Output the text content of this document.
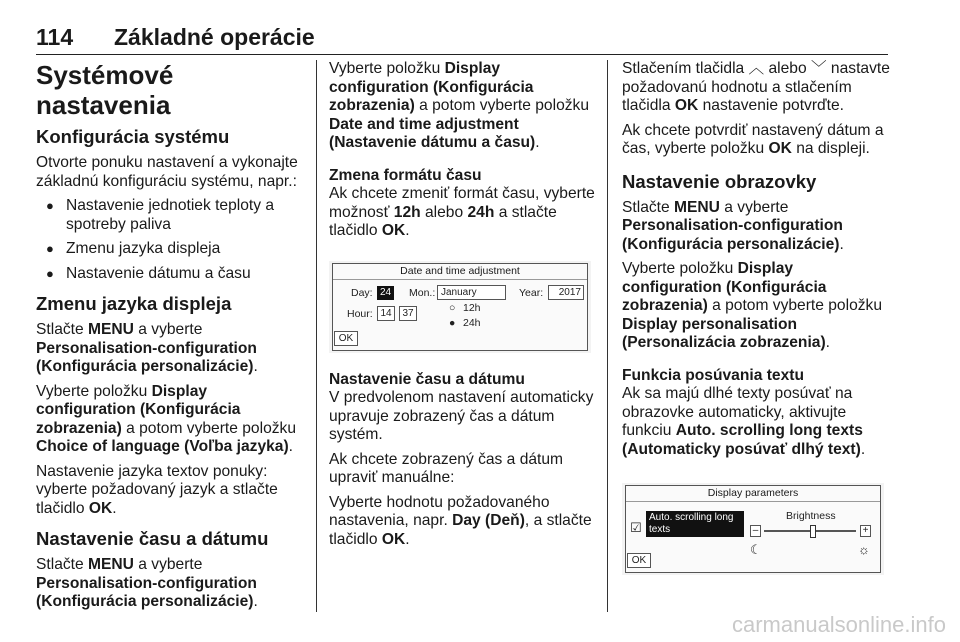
114 Základné operácie
Systémové nastavenia
Konfigurácia systému

Otvorte ponuku nastavení a vykonajte základnú konfiguráciu systému, napr.:

● Nastavenie jednotiek teploty a spotreby paliva
● Zmenu jazyka displeja
● Nastavenie dátumu a času
Zmenu jazyka displeja

Stlačte MENU a vyberte
Personalisation-configuration (Konfigurácia personalizácie).

Vyberte položku Display configuration (Konfigurácia zobrazenia) a potom vyberte položku Choice of language (Voľba jazyka).

Nastavenie jazyka textov ponuky: vyberte požadovaný jazyk a stlačte tlačidlo OK.

Nastavenie času a dátumu

Stlačte MENU a vyberte
Personalisation-configuration (Konfigurácia personalizácie).

Vyberte položku Display configuration (Konfigurácia zobrazenia) a potom vyberte položku Date and time adjustment (Nastavenie dátumu a času).

Zmena formátu času

Ak chcete zmeniť formát času, vyberte možnosť 12h alebo 24h a stlačte tlačidlo OK.

Date and time adjustment
Day: 24 Mon.: January	Year:	2017
Hour: 14	37	○ 12h
● 24h
OK
Nastavenie času a dátumu

V predvolenom nastavení automaticky upravuje zobrazený čas a dátum systém.

Ak chcete zobrazený čas a dátum upraviť manuálne:

Vyberte hodnotu požadovaného nastavenia, napr. Day (Deň), a stlačte tlačidlo OK.

Stlačením tlačidla ︿ alebo ﹀ nastavte požadovanú hodnotu a stlačením tlačidla OK nastavenie potvrďte.

Ak chcete potvrdiť nastavený dátum a čas, vyberte položku OK na displeji.

Nastavenie obrazovky

Stlačte MENU a vyberte
Personalisation-configuration (Konfigurácia personalizácie).

Vyberte položku Display configuration (Konfigurácia zobrazenia) a potom vyberte položku Display personalisation (Personalizácia zobrazenia).

Funkcia posúvania textu

Ak sa majú dlhé texty posúvať na obrazovke automaticky, aktivujte funkciu Auto. scrolling long texts (Automaticky posúvať dlhý text).

Display parameters
☑
Auto. scrolling long texts
Brightness
–	+
☾	☼
OK
carmanualsonline.info
